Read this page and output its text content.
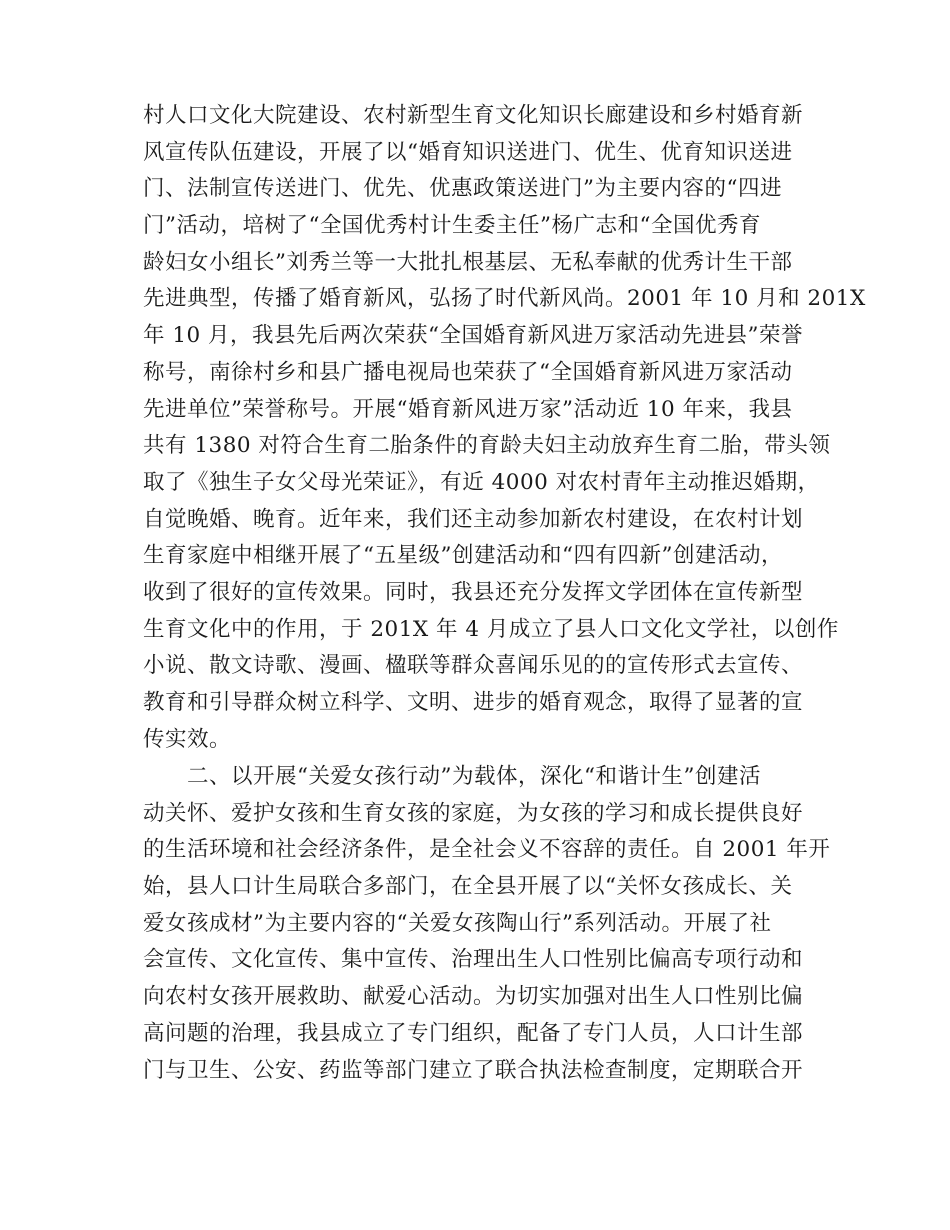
村人口文化大院建设、农村新型生育文化知识长廊建设和乡村婚育新
风宣传队伍建设，开展了以“婚育知识送进门、优生、优育知识送进
门、法制宣传送进门、优先、优惠政策送进门”为主要内容的“四进
门”活动，培树了“全国优秀村计生委主任”杨广志和“全国优秀育
龄妇女小组长”刘秀兰等一大批扎根基层、无私奉献的优秀计生干部
先进典型，传播了婚育新风，弘扬了时代新风尚。2001 年 10 月和 201X
年 10 月，我县先后两次荣获“全国婚育新风进万家活动先进县”荣誉
称号，南徐村乡和县广播电视局也荣获了“全国婚育新风进万家活动
先进单位”荣誉称号。开展“婚育新风进万家”活动近 10 年来，我县
共有 1380 对符合生育二胎条件的育龄夫妇主动放弃生育二胎，带头领
取了《独生子女父母光荣证》，有近 4000 对农村青年主动推迟婚期，
自觉晚婚、晚育。近年来，我们还主动参加新农村建设，在农村计划
生育家庭中相继开展了“五星级”创建活动和“四有四新”创建活动，
收到了很好的宣传效果。同时，我县还充分发挥文学团体在宣传新型
生育文化中的作用，于 201X 年 4 月成立了县人口文化文学社，以创作
小说、散文诗歌、漫画、楹联等群众喜闻乐见的的宣传形式去宣传、
教育和引导群众树立科学、文明、进步的婚育观念，取得了显著的宣
传实效。
　　二、以开展“关爱女孩行动”为载体，深化“和谐计生”创建活
动关怀、爱护女孩和生育女孩的家庭，为女孩的学习和成长提供良好
的生活环境和社会经济条件，是全社会义不容辞的责任。自 2001 年开
始，县人口计生局联合多部门，在全县开展了以“关怀女孩成长、关
爱女孩成材”为主要内容的“关爱女孩陶山行”系列活动。开展了社
会宣传、文化宣传、集中宣传、治理出生人口性别比偏高专项行动和
向农村女孩开展救助、献爱心活动。为切实加强对出生人口性别比偏
高问题的治理，我县成立了专门组织，配备了专门人员，人口计生部
门与卫生、公安、药监等部门建立了联合执法检查制度，定期联合开
